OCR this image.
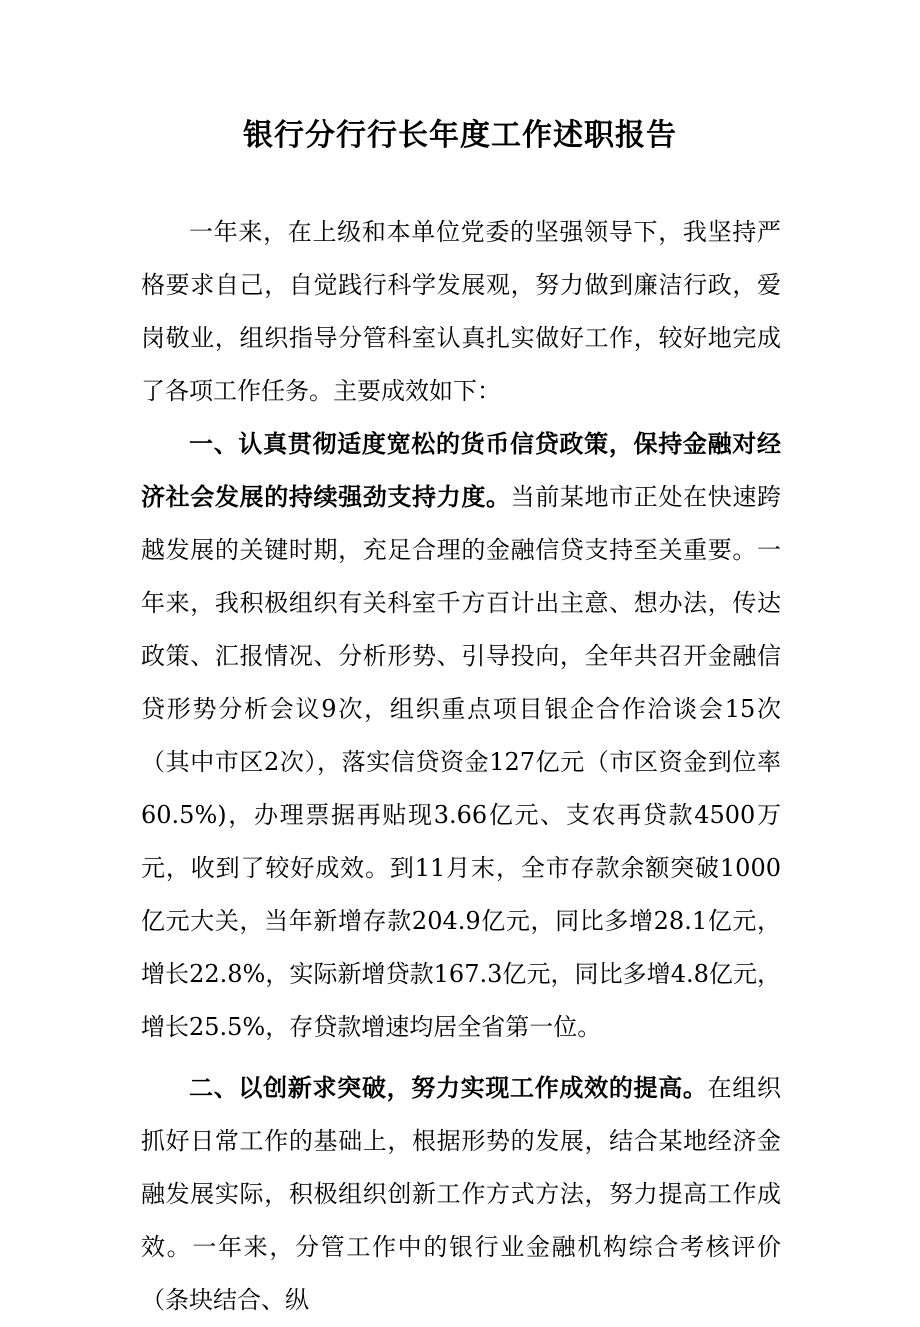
银行分行行长年度工作述职报告

一年来，在上级和本单位党委的坚强领导下，我坚持严格要求自己，自觉践行科学发展观，努力做到廉洁行政，爱岗敬业，组织指导分管科室认真扎实做好工作，较好地完成了各项工作任务。主要成效如下：

一、认真贯彻适度宽松的货币信贷政策，保持金融对经济社会发展的持续强劲支持力度。当前某地市正处在快速跨越发展的关键时期，充足合理的金融信贷支持至关重要。一年来，我积极组织有关科室千方百计出主意、想办法，传达政策、汇报情况、分析形势、引导投向，全年共召开金融信贷形势分析会议9次，组织重点项目银企合作洽谈会15次（其中市区2次），落实信贷资金127亿元（市区资金到位率60.5%)，办理票据再贴现3.66亿元、支农再贷款4500万元，收到了较好成效。到11月末，全市存款余额突破1000亿元大关，当年新增存款204.9亿元，同比多增28.1亿元，增长22.8%，实际新增贷款167.3亿元，同比多增4.8亿元，增长25.5%，存贷款增速均居全省第一位。

二、以创新求突破，努力实现工作成效的提高。在组织抓好日常工作的基础上，根据形势的发展，结合某地经济金融发展实际，积极组织创新工作方式方法，努力提高工作成效。一年来，分管工作中的银行业金融机构综合考核评价（条块结合、纵
